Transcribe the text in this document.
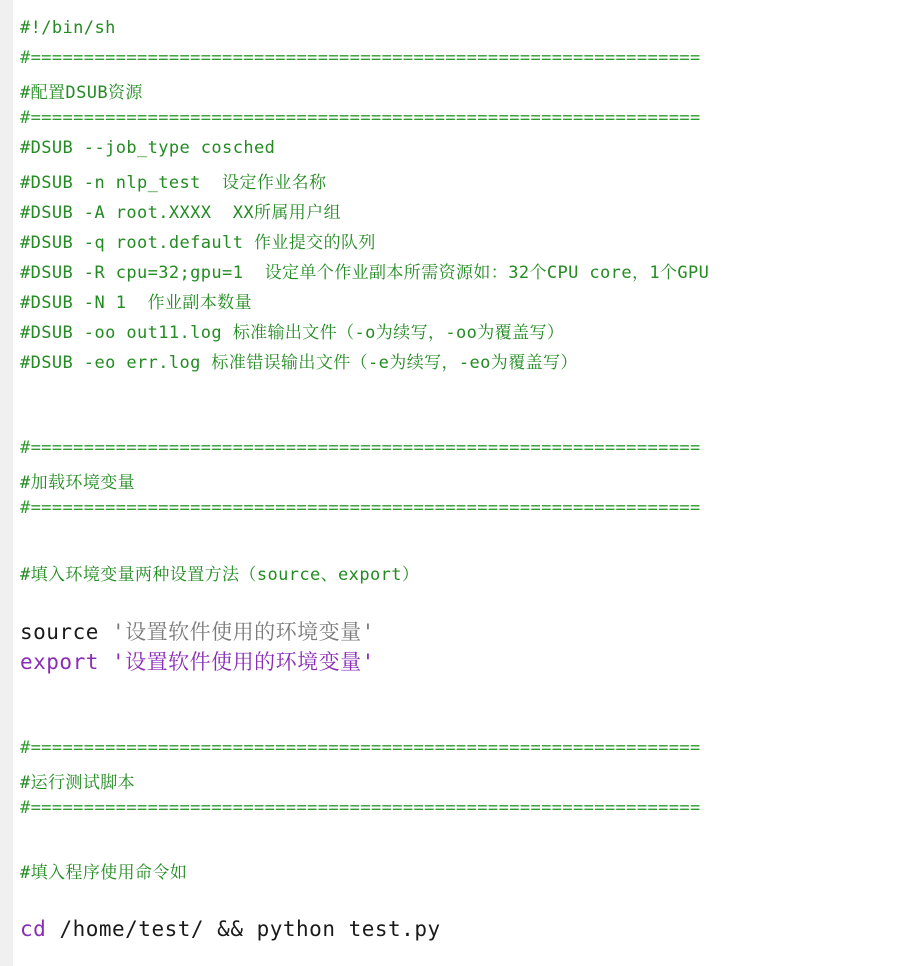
#!/bin/sh
#===============================================================
#配置DSUB资源
#===============================================================
#DSUB --job_type cosched
#DSUB -n nlp_test  设定作业名称
#DSUB -A root.XXXX  XX所属用户组
#DSUB -q root.default 作业提交的队列
#DSUB -R cpu=32;gpu=1  设定单个作业副本所需资源如：32个CPU core，1个GPU
#DSUB -N 1  作业副本数量
#DSUB -oo out11.log 标准输出文件（-o为续写，-oo为覆盖写）
#DSUB -eo err.log 标准错误输出文件（-e为续写，-eo为覆盖写）
#===============================================================
#加载环境变量
#===============================================================
#填入环境变量两种设置方法（source、export）
source '设置软件使用的环境变量'
export '设置软件使用的环境变量'
#===============================================================
#运行测试脚本
#===============================================================
#填入程序使用命令如
cd /home/test/ && python test.py
